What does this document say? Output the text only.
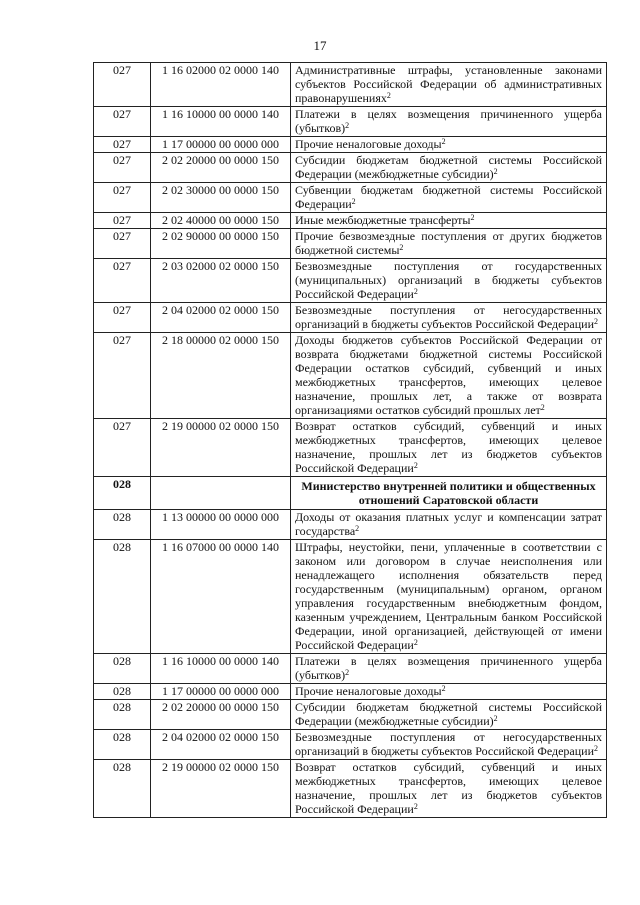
17
027	1 16 02000 02 0000 140	Административные штрафы, установленные законами субъектов Российской Федерации об административных правонарушениях$^2$
027	1 16 10000 00 0000 140	Платежи в целях возмещения причиненного ущерба (убытков)$^2$
027	1 17 00000 00 0000 000	Прочие неналоговые доходы$^2$
027	2 02 20000 00 0000 150	Субсидии бюджетам бюджетной системы Российской Федерации (межбюджетные субсидии)$^2$
027	2 02 30000 00 0000 150	Субвенции бюджетам бюджетной системы Российской Федерации$^2$
027	2 02 40000 00 0000 150	Иные межбюджетные трансферты$^2$
027	2 02 90000 00 0000 150	Прочие безвозмездные поступления от других бюджетов бюджетной системы$^2$
027	2 03 02000 02 0000 150	Безвозмездные поступления от государственных (муниципальных) организаций в бюджеты субъектов Российской Федерации$^2$
027	2 04 02000 02 0000 150	Безвозмездные поступления от негосударственных организаций в бюджеты субъектов Российской Федерации$^2$
027	2 18 00000 02 0000 150	Доходы бюджетов субъектов Российской Федерации от возврата бюджетами бюджетной системы Российской Федерации остатков субсидий, субвенций и иных межбюджетных трансфертов, имеющих целевое назначение, прошлых лет, а также от возврата организациями остатков субсидий прошлых лет$^2$
027	2 19 00000 02 0000 150	Возврат остатков субсидий, субвенций и иных межбюджетных трансфертов, имеющих целевое назначение, прошлых лет из бюджетов субъектов Российской Федерации$^2$
028		Министерство внутренней политики и общественных отношений Саратовской области
028	1 13 00000 00 0000 000	Доходы от оказания платных услуг и компенсации затрат государства$^2$
028	1 16 07000 00 0000 140	Штрафы, неустойки, пени, уплаченные в соответствии с законом или договором в случае неисполнения или ненадлежащего исполнения обязательств перед государственным (муниципальным) органом, органом управления государственным внебюджетным фондом, казенным учреждением, Центральным банком Российской Федерации, иной организацией, действующей от имени Российской Федерации$^2$
028	1 16 10000 00 0000 140	Платежи в целях возмещения причиненного ущерба (убытков)$^2$
028	1 17 00000 00 0000 000	Прочие неналоговые доходы$^2$
028	2 02 20000 00 0000 150	Субсидии бюджетам бюджетной системы Российской Федерации (межбюджетные субсидии)$^2$
028	2 04 02000 02 0000 150	Безвозмездные поступления от негосударственных организаций в бюджеты субъектов Российской Федерации$^2$
028	2 19 00000 02 0000 150	Возврат остатков субсидий, субвенций и иных межбюджетных трансфертов, имеющих целевое назначение, прошлых лет из бюджетов субъектов Российской Федерации$^2$
